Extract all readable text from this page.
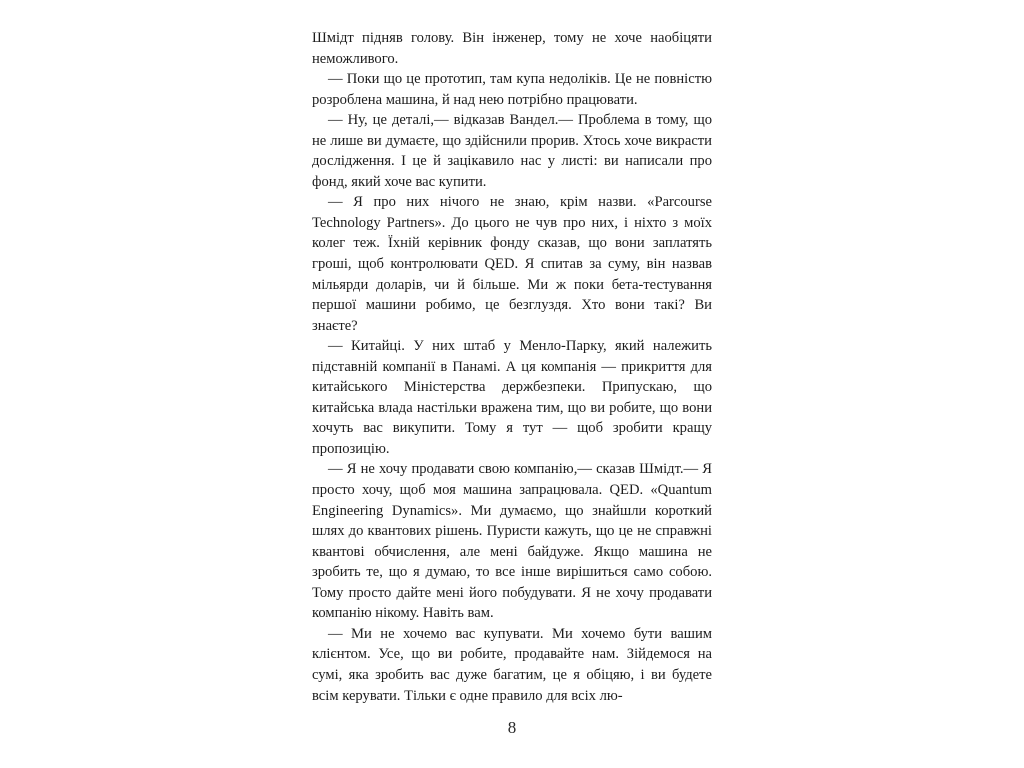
Шмідт підняв голову. Він інженер, тому не хоче наобіцяти неможливого.

— Поки що це прототип, там купа недоліків. Це не повністю розроблена машина, й над нею потрібно працювати.

— Ну, це деталі,— відказав Вандел.— Проблема в тому, що не лише ви думаєте, що здійснили прорив. Хтось хоче викрасти дослідження. І це й зацікавило нас у листі: ви написали про фонд, який хоче вас купити.

— Я про них нічого не знаю, крім назви. «Parcourse Technology Partners». До цього не чув про них, і ніхто з моїх колег теж. Їхній керівник фонду сказав, що вони заплатять гроші, щоб контролювати QED. Я спитав за суму, він назвав мільярди доларів, чи й більше. Ми ж поки бета-тестування першої машини робимо, це безглуздя. Хто вони такі? Ви знаєте?

— Китайці. У них штаб у Менло-Парку, який належить підставній компанії в Панамі. А ця компанія — прикриття для китайського Міністерства держбезпеки. Припускаю, що китайська влада настільки вражена тим, що ви робите, що вони хочуть вас викупити. Тому я тут — щоб зробити кращу пропозицію.

— Я не хочу продавати свою компанію,— сказав Шмідт.— Я просто хочу, щоб моя машина запрацювала. QED. «Quantum Engineering Dynamics». Ми думаємо, що знайшли короткий шлях до квантових рішень. Пуристи кажуть, що це не справжні квантові обчислення, але мені байдуже. Якщо машина не зробить те, що я думаю, то все інше вирішиться само собою. Тому просто дайте мені його побудувати. Я не хочу продавати компанію нікому. Навіть вам.

— Ми не хочемо вас купувати. Ми хочемо бути вашим клієнтом. Усе, що ви робите, продавайте нам. Зійдемося на сумі, яка зробить вас дуже багатим, це я обіцяю, і ви будете всім керувати. Тільки є одне правило для всіх лю-

8
